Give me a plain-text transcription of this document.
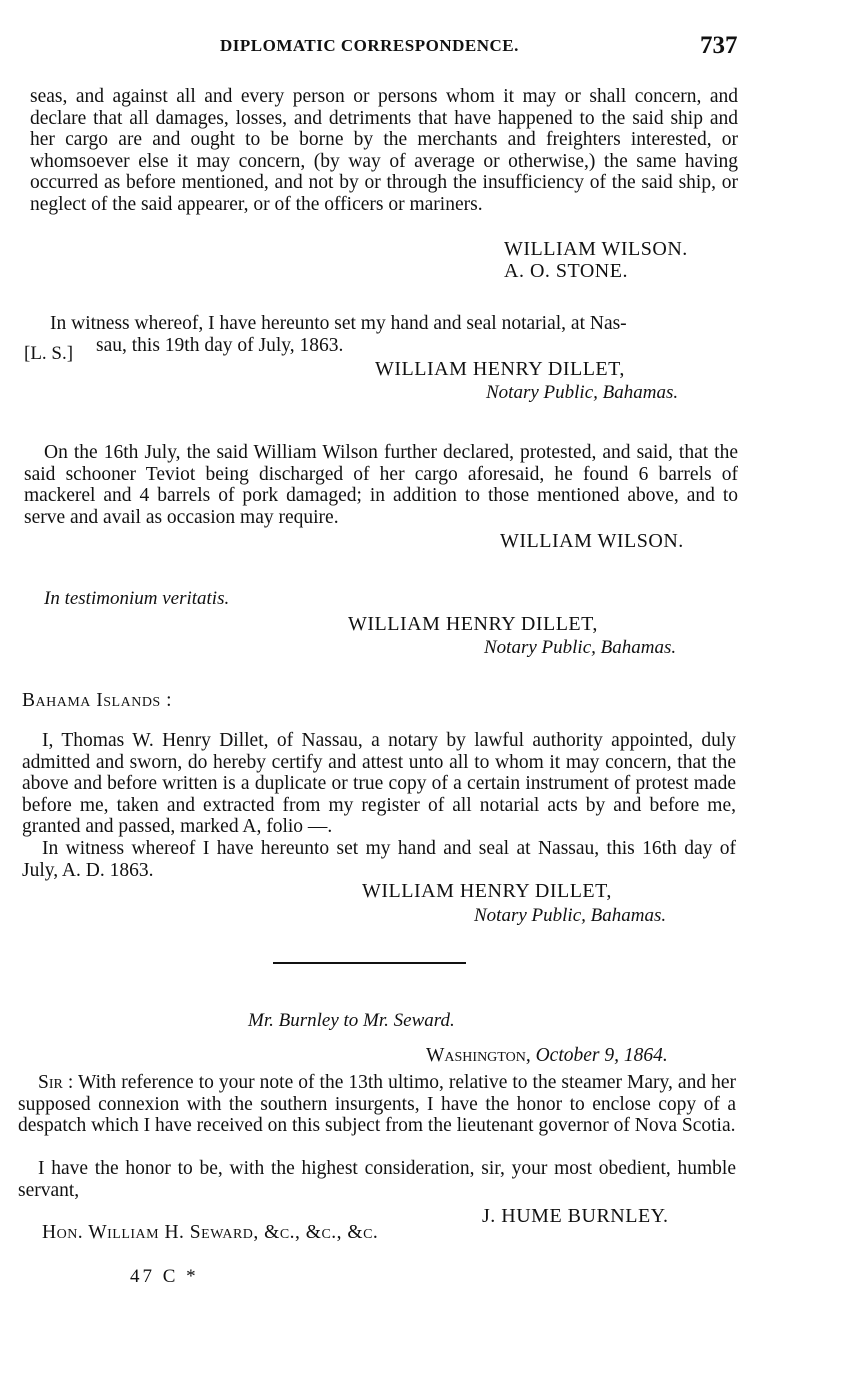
DIPLOMATIC CORRESPONDENCE.	737

seas, and against all and every person or persons whom it may or shall concern, and declare that all damages, losses, and detriments that have happened to the said ship and her cargo are and ought to be borne by the merchants and freighters interested, or whomsoever else it may concern, (by way of average or otherwise,) the same having occurred as before mentioned, and not by or through the insufficiency of the said ship, or neglect of the said appearer, or of the officers or mariners.

WILLIAM WILSON.
A. O. STONE.
In witness whereof, I have hereunto set my hand and seal notarial, at Nas-
sau, this 19th day of July, 1863.
[L. S.]
WILLIAM HENRY DILLET,
Notary Public, Bahamas.

On the 16th July, the said William Wilson further declared, protested, and said, that the said schooner Teviot being discharged of her cargo aforesaid, he found 6 barrels of mackerel and 4 barrels of pork damaged; in addition to those mentioned above, and to serve and avail as occasion may require.

WILLIAM WILSON.
In testimonium veritatis.
WILLIAM HENRY DILLET,
Notary Public, Bahamas.
Bahama Islands :

I, Thomas W. Henry Dillet, of Nassau, a notary by lawful authority appointed, duly admitted and sworn, do hereby certify and attest unto all to whom it may concern, that the above and before written is a duplicate or true copy of a certain instrument of protest made before me, taken and extracted from my register of all notarial acts by and before me, granted and passed, marked A, folio —.

In witness whereof I have hereunto set my hand and seal at Nassau, this 16th day of July, A. D. 1863.

WILLIAM HENRY DILLET,
Notary Public, Bahamas.
Mr. Burnley to Mr. Seward.
Washington, October 9, 1864.

Sir : With reference to your note of the 13th ultimo, relative to the steamer Mary, and her supposed connexion with the southern insurgents, I have the honor to enclose copy of a despatch which I have received on this subject from the lieutenant governor of Nova Scotia.

I have the honor to be, with the highest consideration, sir, your most obedient, humble servant,

J. HUME BURNLEY.
Hon. William H. Seward, &c., &c., &c.
47 C *
